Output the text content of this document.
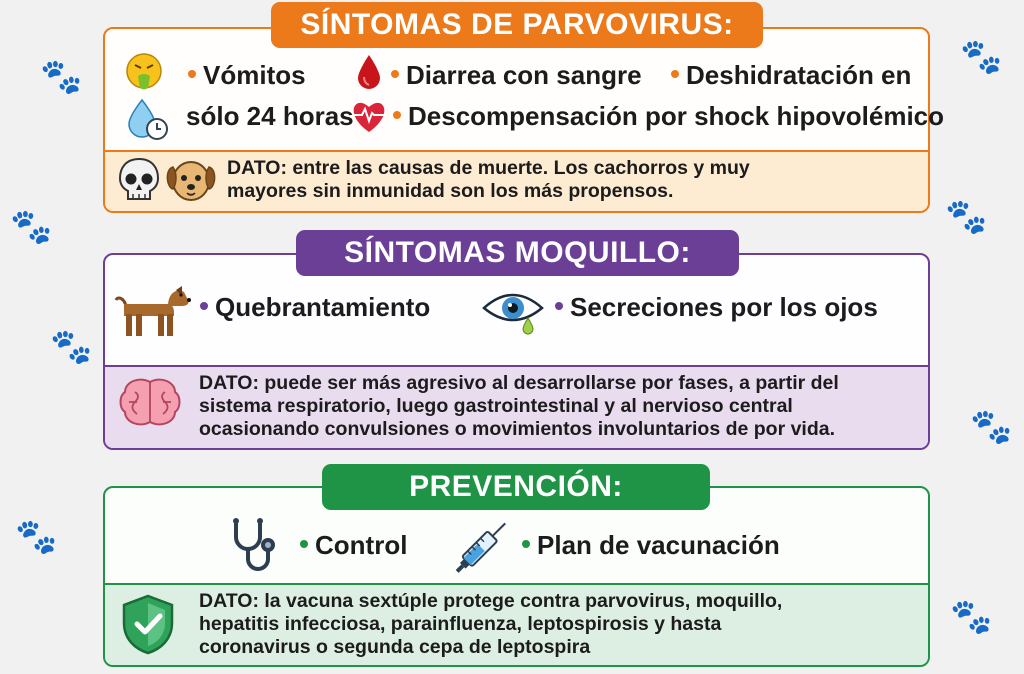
🐾
🐾
🐾
🐾
🐾
🐾
🐾
🐾
SÍNTOMAS DE PARVOVIRUS:
Vómitos	Diarrea con sangre	Deshidratación en
sólo 24 horas	Descompensación por shock hipovolémico
DATO: entre las causas de muerte. Los cachorros y muy
mayores sin inmunidad son los más propensos.
SÍNTOMAS MOQUILLO:
Quebrantamiento	Secreciones por los ojos
DATO: puede ser más agresivo al desarrollarse por fases, a partir del
sistema respiratorio, luego gastrointestinal y al nervioso central
ocasionando convulsiones o movimientos involuntarios de por vida.
PREVENCIÓN:
Control	Plan de vacunación
DATO: la vacuna sextúple protege contra parvovirus, moquillo,
hepatitis infecciosa, parainfluenza, leptospirosis y hasta
coronavirus o segunda cepa de leptospira
